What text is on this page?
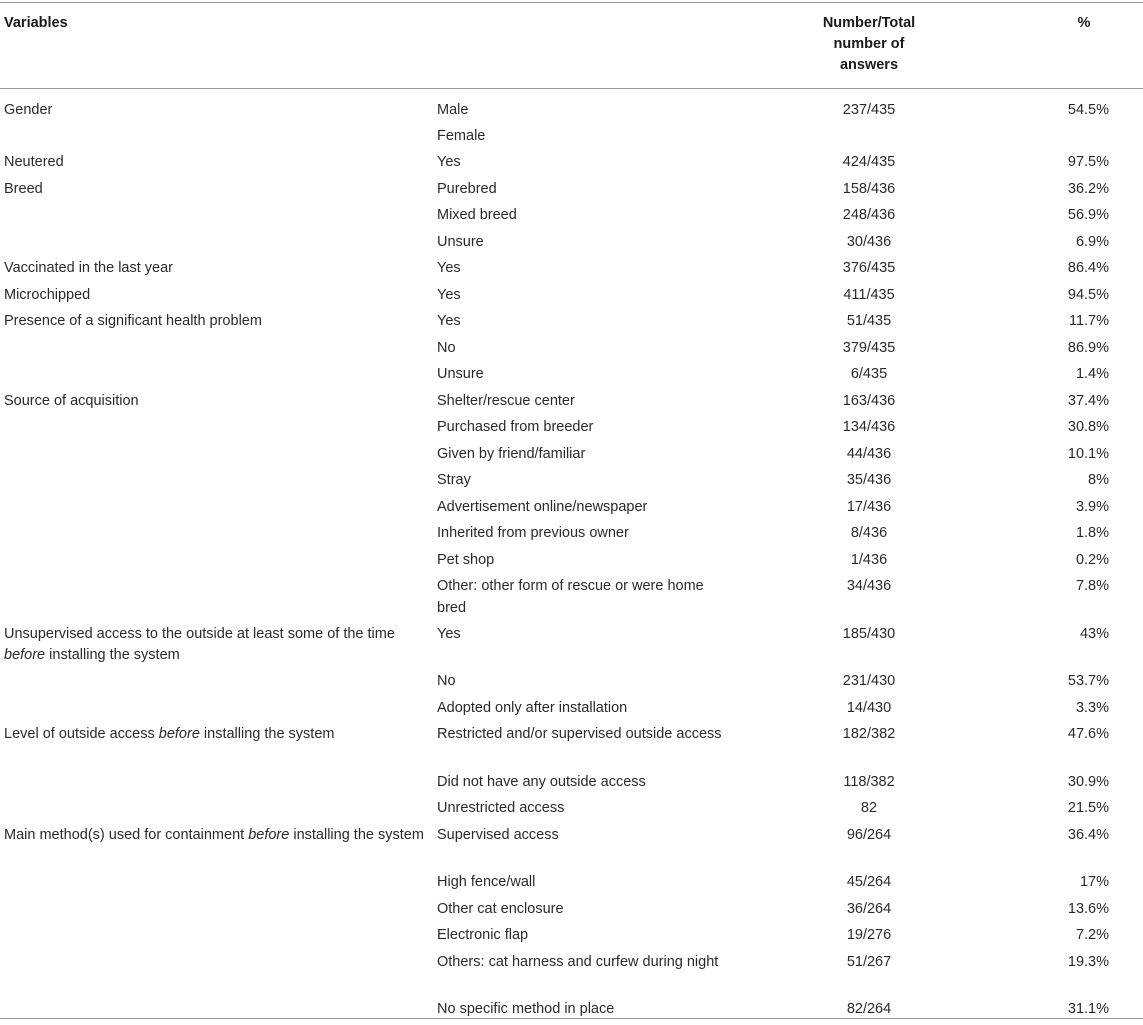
Variables		Number/Total number of answers	%
Gender	Male	237/435	54.5%
	Female		
Neutered	Yes	424/435	97.5%
Breed	Purebred	158/436	36.2%
	Mixed breed	248/436	56.9%
	Unsure	30/436	6.9%
Vaccinated in the last year	Yes	376/435	86.4%
Microchipped	Yes	411/435	94.5%
Presence of a significant health problem	Yes	51/435	11.7%
	No	379/435	86.9%
	Unsure	6/435	1.4%
Source of acquisition	Shelter/rescue center	163/436	37.4%
	Purchased from breeder	134/436	30.8%
	Given by friend/familiar	44/436	10.1%
	Stray	35/436	8%
	Advertisement online/newspaper	17/436	3.9%
	Inherited from previous owner	8/436	1.8%
	Pet shop	1/436	0.2%
	Other: other form of rescue or were home bred	34/436	7.8%
Unsupervised access to the outside at least some of the time before installing the system	Yes	185/430	43%
	No	231/430	53.7%
	Adopted only after installation	14/430	3.3%
Level of outside access before installing the system	Restricted and/or supervised outside access	182/382	47.6%
	Did not have any outside access	118/382	30.9%
	Unrestricted access	82	21.5%
Main method(s) used for containment before installing the system	Supervised access	96/264	36.4%
	High fence/wall	45/264	17%
	Other cat enclosure	36/264	13.6%
	Electronic flap	19/276	7.2%
	Others: cat harness and curfew during night	51/267	19.3%
	No specific method in place	82/264	31.1%
